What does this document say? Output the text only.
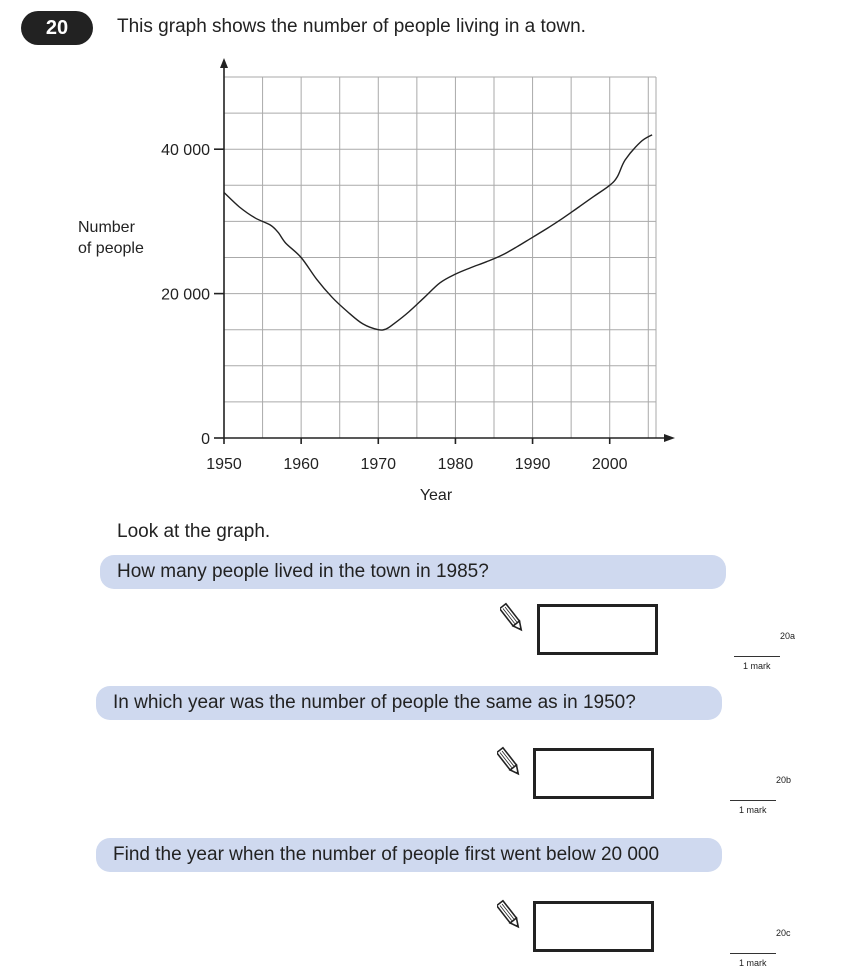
20	This graph shows the number of people living in a town.
1950	1960	1970	1980	1990	2000
0
20 000
40 000
Year
Number
of people
Look at the graph.
How many people lived in the town in 1985?
20a
1 mark
In which year was the number of people the same as in 1950?
20b
1 mark
Find the year when the number of people first went below 20 000
20c
1 mark
